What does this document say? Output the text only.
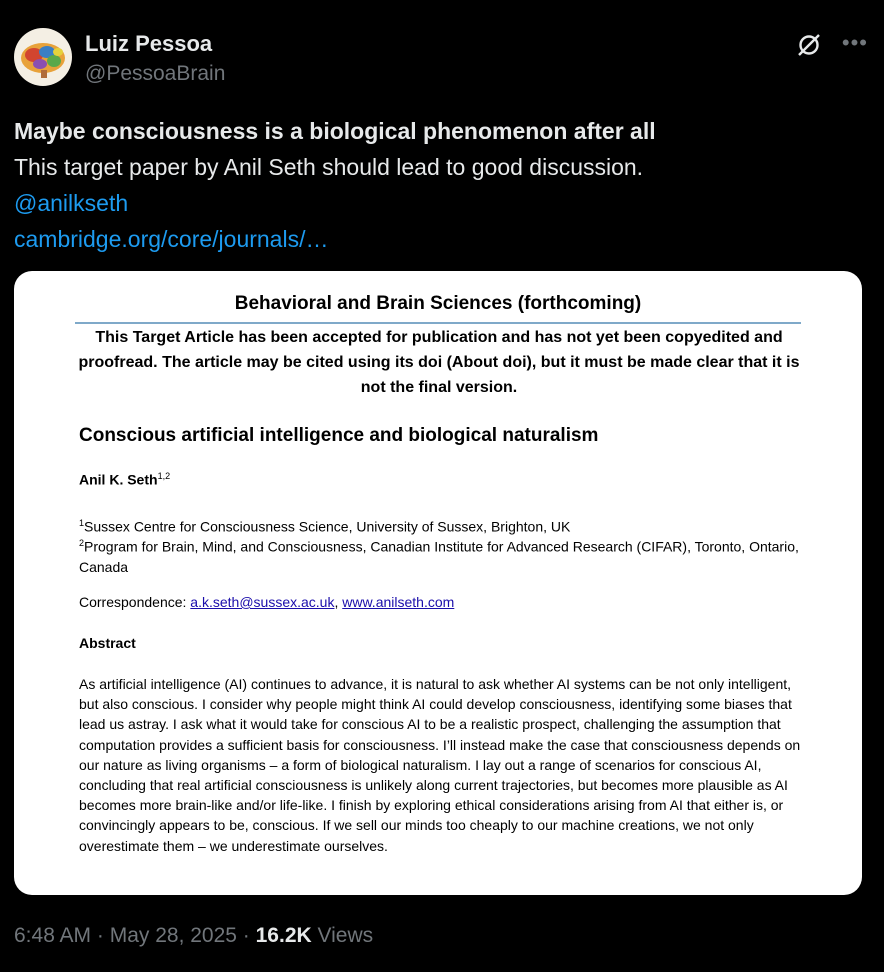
Luiz Pessoa
@PessoaBrain
•••
Maybe consciousness is a biological phenomenon after all
This target paper by Anil Seth should lead to good discussion.
@anilkseth
cambridge.org/core/journals/…
Behavioral and Brain Sciences (forthcoming)
This Target Article has been accepted for publication and has not yet been copyedited and proofread. The article may be cited using its doi (About doi), but it must be made clear that it is not the final version.
Conscious artificial intelligence and biological naturalism
Anil K. Seth$^{1,2}$
$^1$Sussex Centre for Consciousness Science, University of Sussex, Brighton, UK
$^2$Program for Brain, Mind, and Consciousness, Canadian Institute for Advanced Research (CIFAR), Toronto, Ontario, Canada
Correspondence: a.k.seth@sussex.ac.uk, www.anilseth.com
Abstract
As artificial intelligence (AI) continues to advance, it is natural to ask whether AI systems can be not only intelligent, but also conscious. I consider why people might think AI could develop consciousness, identifying some biases that lead us astray. I ask what it would take for conscious AI to be a realistic prospect, challenging the assumption that computation provides a sufficient basis for consciousness. I’ll instead make the case that consciousness depends on our nature as living organisms – a form of biological naturalism. I lay out a range of scenarios for conscious AI, concluding that real artificial consciousness is unlikely along current trajectories, but becomes more plausible as AI becomes more brain-like and/or life-like. I finish by exploring ethical considerations arising from AI that either is, or convincingly appears to be, conscious. If we sell our minds too cheaply to our machine creations, we not only overestimate them – we underestimate ourselves.
6:48 AM · May 28, 2025 · 16.2K Views
